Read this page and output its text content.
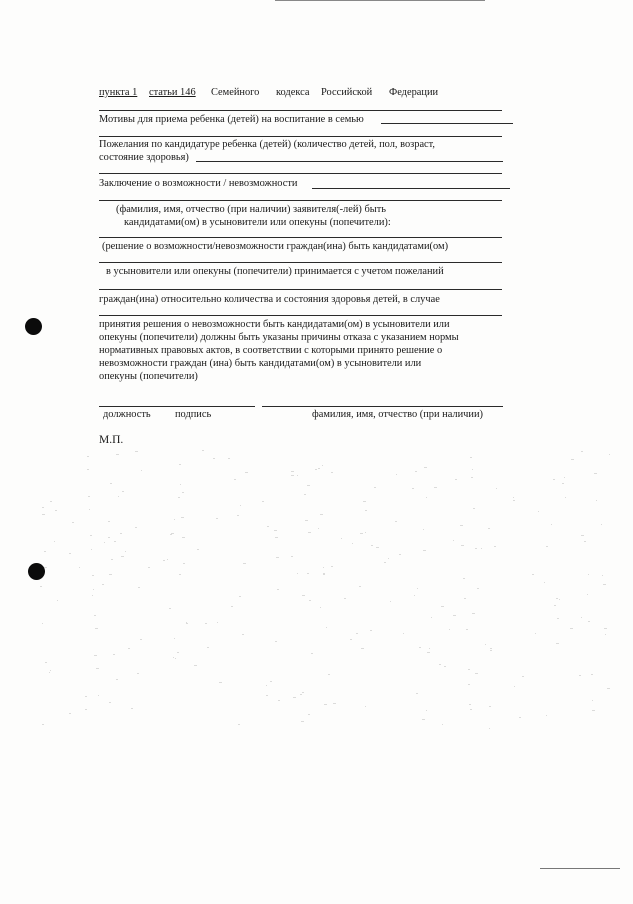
пункта 1 статьи 146 Семейного кодекса Российской Федерации
Мотивы для приема ребенка (детей) на воспитание в семью
Пожелания по кандидатуре ребенка (детей) (количество детей, пол, возраст,
состояние здоровья)
Заключение о возможности / невозможности
(фамилия, имя, отчество (при наличии) заявителя(-лей) быть
кандидатами(ом) в усыновители или опекуны (попечители):
(решение о возможности/невозможности граждан(ина) быть кандидатами(ом)
в усыновители или опекуны (попечители) принимается с учетом пожеланий
граждан(ина) относительно количества и состояния здоровья детей, в случае
принятия решения о невозможности быть кандидатами(ом) в усыновители или
опекуны (попечители) должны быть указаны причины отказа с указанием нормы
нормативных правовых актов, в соответствии с которыми принято решение о
невозможности граждан (ина) быть кандидатами(ом) в усыновители или
опекуны (попечители)
должность подпись	фамилия, имя, отчество (при наличии)
М.П.
